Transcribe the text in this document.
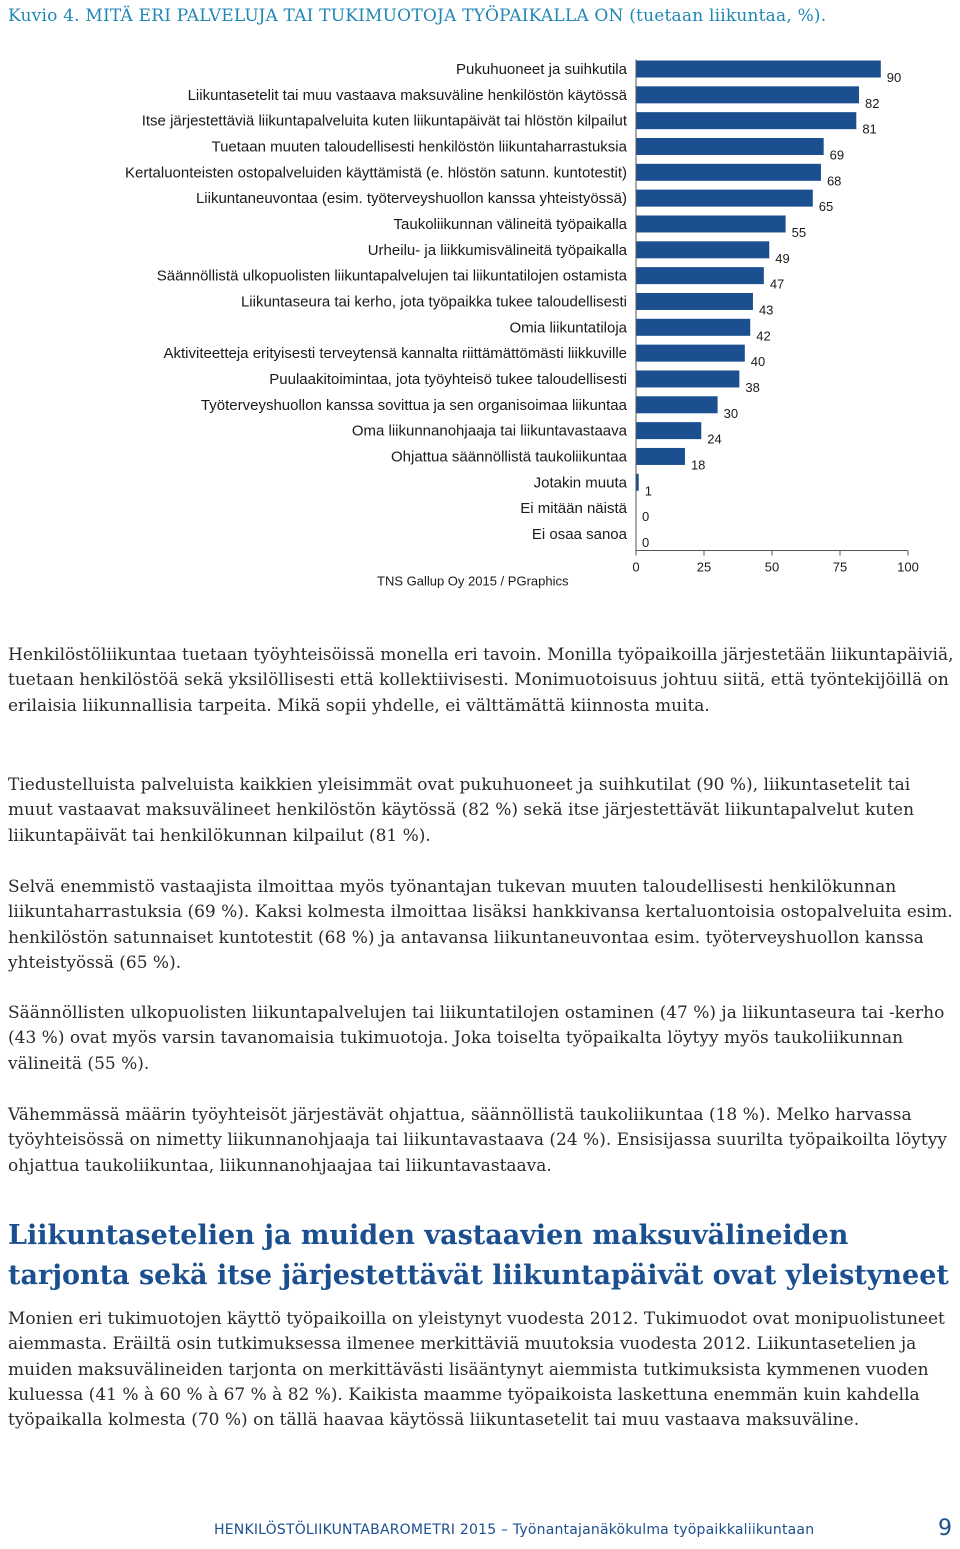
Kuvio 4. MITÄ ERI PALVELUJA TAI TUKIMUOTOJA TYÖPAIKALLA ON (tuetaan liikuntaa, %).
Pukuhuoneet ja suihkutila	90
Liikuntasetelit tai muu vastaava maksuväline henkilöstön käytössä	82
Itse järjestettäviä liikuntapalveluita kuten liikuntapäivät tai hlöstön kilpailut	81
Tuetaan muuten taloudellisesti henkilöstön liikuntaharrastuksia	69
Kertaluonteisten ostopalveluiden käyttämistä (e. hlöstön satunn. kuntotestit)	68
Liikuntaneuvontaa (esim. työterveyshuollon kanssa yhteistyössä)	65
Taukoliikunnan välineitä työpaikalla	55
Urheilu- ja liikkumisvälineitä työpaikalla	49
Säännöllistä ulkopuolisten liikuntapalvelujen tai liikuntatilojen ostamista	47
Liikuntaseura tai kerho, jota työpaikka tukee taloudellisesti	43
Omia liikuntatiloja	42
Aktiviteetteja erityisesti terveytensä kannalta riittämättömästi liikkuville	40
Puulaakitoimintaa, jota työyhteisö tukee taloudellisesti	38
Työterveyshuollon kanssa sovittua ja sen organisoimaa liikuntaa	30
Oma liikunnanohjaaja tai liikuntavastaava	24
Ohjattua säännöllistä taukoliikuntaa	18
Jotakin muuta 1
Ei mitään näistä 0
Ei osaa sanoa 0
0	25	50	75	100
TNS Gallup Oy 2015 / PGraphics

Henkilöstöliikuntaa tuetaan työyhteisöissä monella eri tavoin. Monilla työpaikoilla järjestetään liikuntapäiviä, tuetaan henkilöstöä sekä yksilöllisesti että kollektiivisesti. Monimuotoisuus johtuu siitä, että työntekijöillä on erilaisia liikunnallisia tarpeita. Mikä sopii yhdelle, ei välttämättä kiinnosta muita.

Tiedustelluista palveluista kaikkien yleisimmät ovat pukuhuoneet ja suihkutilat (90 %), liikuntasetelit tai muut vastaavat maksuvälineet henkilöstön käytössä (82 %) sekä itse järjestettävät liikuntapalvelut kuten liikuntapäivät tai henkilökunnan kilpailut (81 %).

Selvä enemmistö vastaajista ilmoittaa myös työnantajan tukevan muuten taloudellisesti henkilökunnan liikuntaharrastuksia (69 %). Kaksi kolmesta ilmoittaa lisäksi hankkivansa kertaluontoisia ostopalveluita esim. henkilöstön satunnaiset kuntotestit (68 %) ja antavansa liikuntaneuvontaa esim. työterveyshuollon kanssa yhteistyössä (65 %).

Säännöllisten ulkopuolisten liikuntapalvelujen tai liikuntatilojen ostaminen (47 %) ja liikuntaseura tai -kerho (43 %) ovat myös varsin tavanomaisia tukimuotoja. Joka toiselta työpaikalta löytyy myös taukoliikunnan välineitä (55 %).

Vähemmässä määrin työyhteisöt järjestävät ohjattua, säännöllistä taukoliikuntaa (18 %). Melko harvassa työyhteisössä on nimetty liikunnanohjaaja tai liikuntavastaava (24 %). Ensisijassa suurilta työpaikoilta löytyy ohjattua taukoliikuntaa, liikunnanohjaajaa tai liikuntavastaava.

Liikuntasetelien ja muiden vastaavien maksuvälineiden tarjonta sekä itse järjestettävät liikuntapäivät ovat yleistyneet

Monien eri tukimuotojen käyttö työpaikoilla on yleistynyt vuodesta 2012. Tukimuodot ovat monipuolistuneet aiemmasta. Eräiltä osin tutkimuksessa ilmenee merkittäviä muutoksia vuodesta 2012. Liikuntasetelien ja muiden maksuvälineiden tarjonta on merkittävästi lisääntynyt aiemmista tutkimuksista kymmenen vuoden kuluessa (41 % à 60 % à 67 % à 82 %). Kaikista maamme työpaikoista laskettuna enemmän kuin kahdella työpaikalla kolmesta (70 %) on tällä haavaa käytössä liikuntasetelit tai muu vastaava maksuväline.

HENKILÖSTÖLIIKUNTABAROMETRI 2015 – Työnantajanäkökulma työpaikkaliikuntaan	9
